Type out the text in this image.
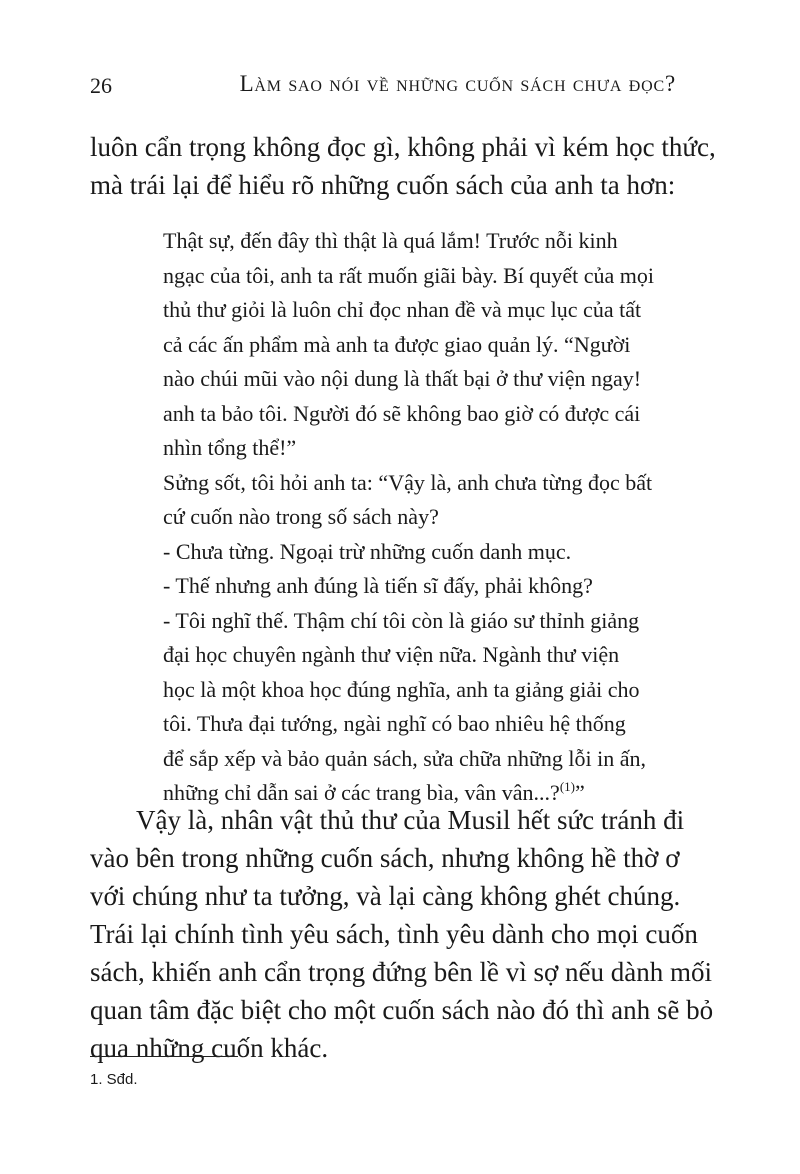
26	Làm sao nói về những cuốn sách chưa đọc?

luôn cẩn trọng không đọc gì, không phải vì kém học thức,
mà trái lại để hiểu rõ những cuốn sách của anh ta hơn:

Thật sự, đến đây thì thật là quá lắm! Trước nỗi kinh
ngạc của tôi, anh ta rất muốn giãi bày. Bí quyết của mọi
thủ thư giỏi là luôn chỉ đọc nhan đề và mục lục của tất
cả các ấn phẩm mà anh ta được giao quản lý. “Người
nào chúi mũi vào nội dung là thất bại ở thư viện ngay!
anh ta bảo tôi. Người đó sẽ không bao giờ có được cái
nhìn tổng thể!”
Sửng sốt, tôi hỏi anh ta: “Vậy là, anh chưa từng đọc bất
cứ cuốn nào trong số sách này?
- Chưa từng. Ngoại trừ những cuốn danh mục.
- Thế nhưng anh đúng là tiến sĩ đấy, phải không?
- Tôi nghĩ thế. Thậm chí tôi còn là giáo sư thỉnh giảng
đại học chuyên ngành thư viện nữa. Ngành thư viện
học là một khoa học đúng nghĩa, anh ta giảng giải cho
tôi. Thưa đại tướng, ngài nghĩ có bao nhiêu hệ thống
để sắp xếp và bảo quản sách, sửa chữa những lỗi in ấn,
những chỉ dẫn sai ở các trang bìa, vân vân...?$^{(1)}$”

Vậy là, nhân vật thủ thư của Musil hết sức tránh đi
vào bên trong những cuốn sách, nhưng không hề thờ ơ
với chúng như ta tưởng, và lại càng không ghét chúng.
Trái lại chính tình yêu sách, tình yêu dành cho mọi cuốn
sách, khiến anh cẩn trọng đứng bên lề vì sợ nếu dành mối
quan tâm đặc biệt cho một cuốn sách nào đó thì anh sẽ bỏ
qua những cuốn khác.

1. Sđd.
